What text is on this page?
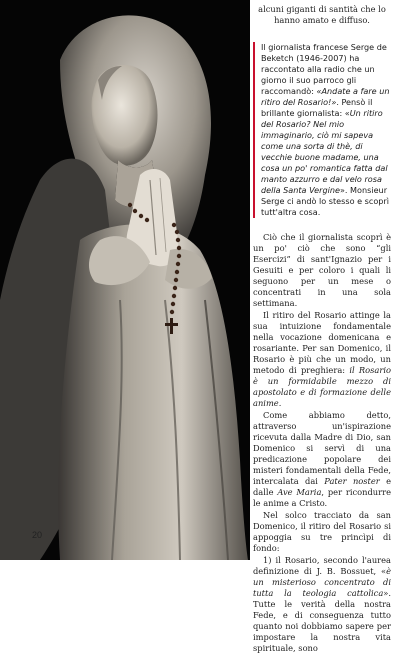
20

alcuni giganti di santità che lo hanno amato e diffuso.

Il giornalista francese Serge de Beketch (1946-2007) ha raccontato alla radio che un giorno il suo parroco gli raccomandò: «Andate a fare un ritiro del Rosario!». Pensò il brillante giornalista: «Un ritiro del Rosario? Nel mio immaginario, ciò mi sapeva come una sorta di thè, di vecchie buone madame, una cosa un po' romantica fatta dal manto azzurro e dal velo rosa della Santa Vergine». Monsieur Serge ci andò lo stesso e scoprì tutt'altra cosa.

Ciò che il giornalista scoprì è un po' ciò che sono “gli Esercizi” di sant'Ignazio per i Gesuiti e per coloro i quali li seguono per un mese o concentrati in una sola settimana.

Il ritiro del Rosario attinge la sua intuizione fondamentale nella vocazione domenicana e rosariante. Per san Domenico, il Rosario è più che un modo, un metodo di preghiera: il Rosario è un formidabile mezzo di apostolato e di formazione delle anime.

Come abbiamo detto, attraverso un'ispirazione ricevuta dalla Madre di Dio, san Domenico si servì di una predicazione popolare dei misteri fondamentali della Fede, intercalata dai Pater noster e dalle Ave Maria, per ricondurre le anime a Cristo.

Nel solco tracciato da san Domenico, il ritiro del Rosario si appoggia su tre princìpi di fondo:

1) il Rosario, secondo l'aurea definizione di J. B. Bossuet, «è un misterioso concentrato di tutta la teologia cattolica». Tutte le verità della nostra Fede, e di conseguenza tutto quanto noi dobbiamo sapere per impostare la nostra vita spirituale, sono
